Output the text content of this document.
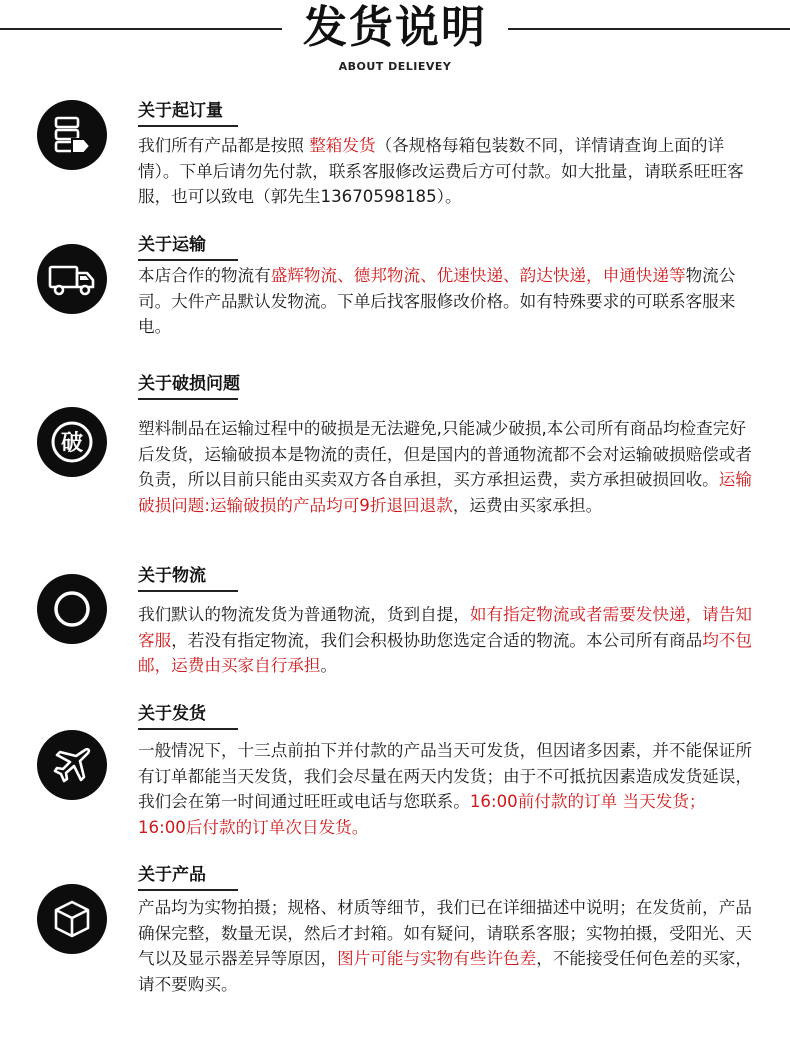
发货说明
ABOUT DELIEVEY
关于起订量
我们所有产品都是按照 整箱发货（各规格每箱包装数不同，详情请查询上面的详情）。下单后请勿先付款，联系客服修改运费后方可付款。如大批量，请联系旺旺客服，也可以致电（郭先生13670598185）。
关于运输
本店合作的物流有盛辉物流、德邦物流、优速快递、韵达快递，申通快递等物流公司。大件产品默认发物流。下单后找客服修改价格。如有特殊要求的可联系客服来电。
破
关于破损问题
塑料制品在运输过程中的破损是无法避免,只能减少破损,本公司所有商品均检查完好后发货，运输破损本是物流的责任，但是国内的普通物流都不会对运输破损赔偿或者负责，所以目前只能由买卖双方各自承担，买方承担运费，卖方承担破损回收。运输破损问题:运输破损的产品均可9折退回退款，运费由买家承担。
关于物流
我们默认的物流发货为普通物流，货到自提，如有指定物流或者需要发快递，请告知客服，若没有指定物流，我们会积极协助您选定合适的物流。本公司所有商品均不包邮，运费由买家自行承担。
关于发货
一般情况下，十三点前拍下并付款的产品当天可发货，但因诸多因素，并不能保证所有订单都能当天发货，我们会尽量在两天内发货；由于不可抵抗因素造成发货延误，我们会在第一时间通过旺旺或电话与您联系。16:00前付款的订单 当天发货； 16:00后付款的订单次日发货。
关于产品
产品均为实物拍摄；规格、材质等细节，我们已在详细描述中说明；在发货前，产品确保完整，数量无误，然后才封箱。如有疑问，请联系客服；实物拍摄，受阳光、天气以及显示器差异等原因，图片可能与实物有些许色差，不能接受任何色差的买家，请不要购买。
